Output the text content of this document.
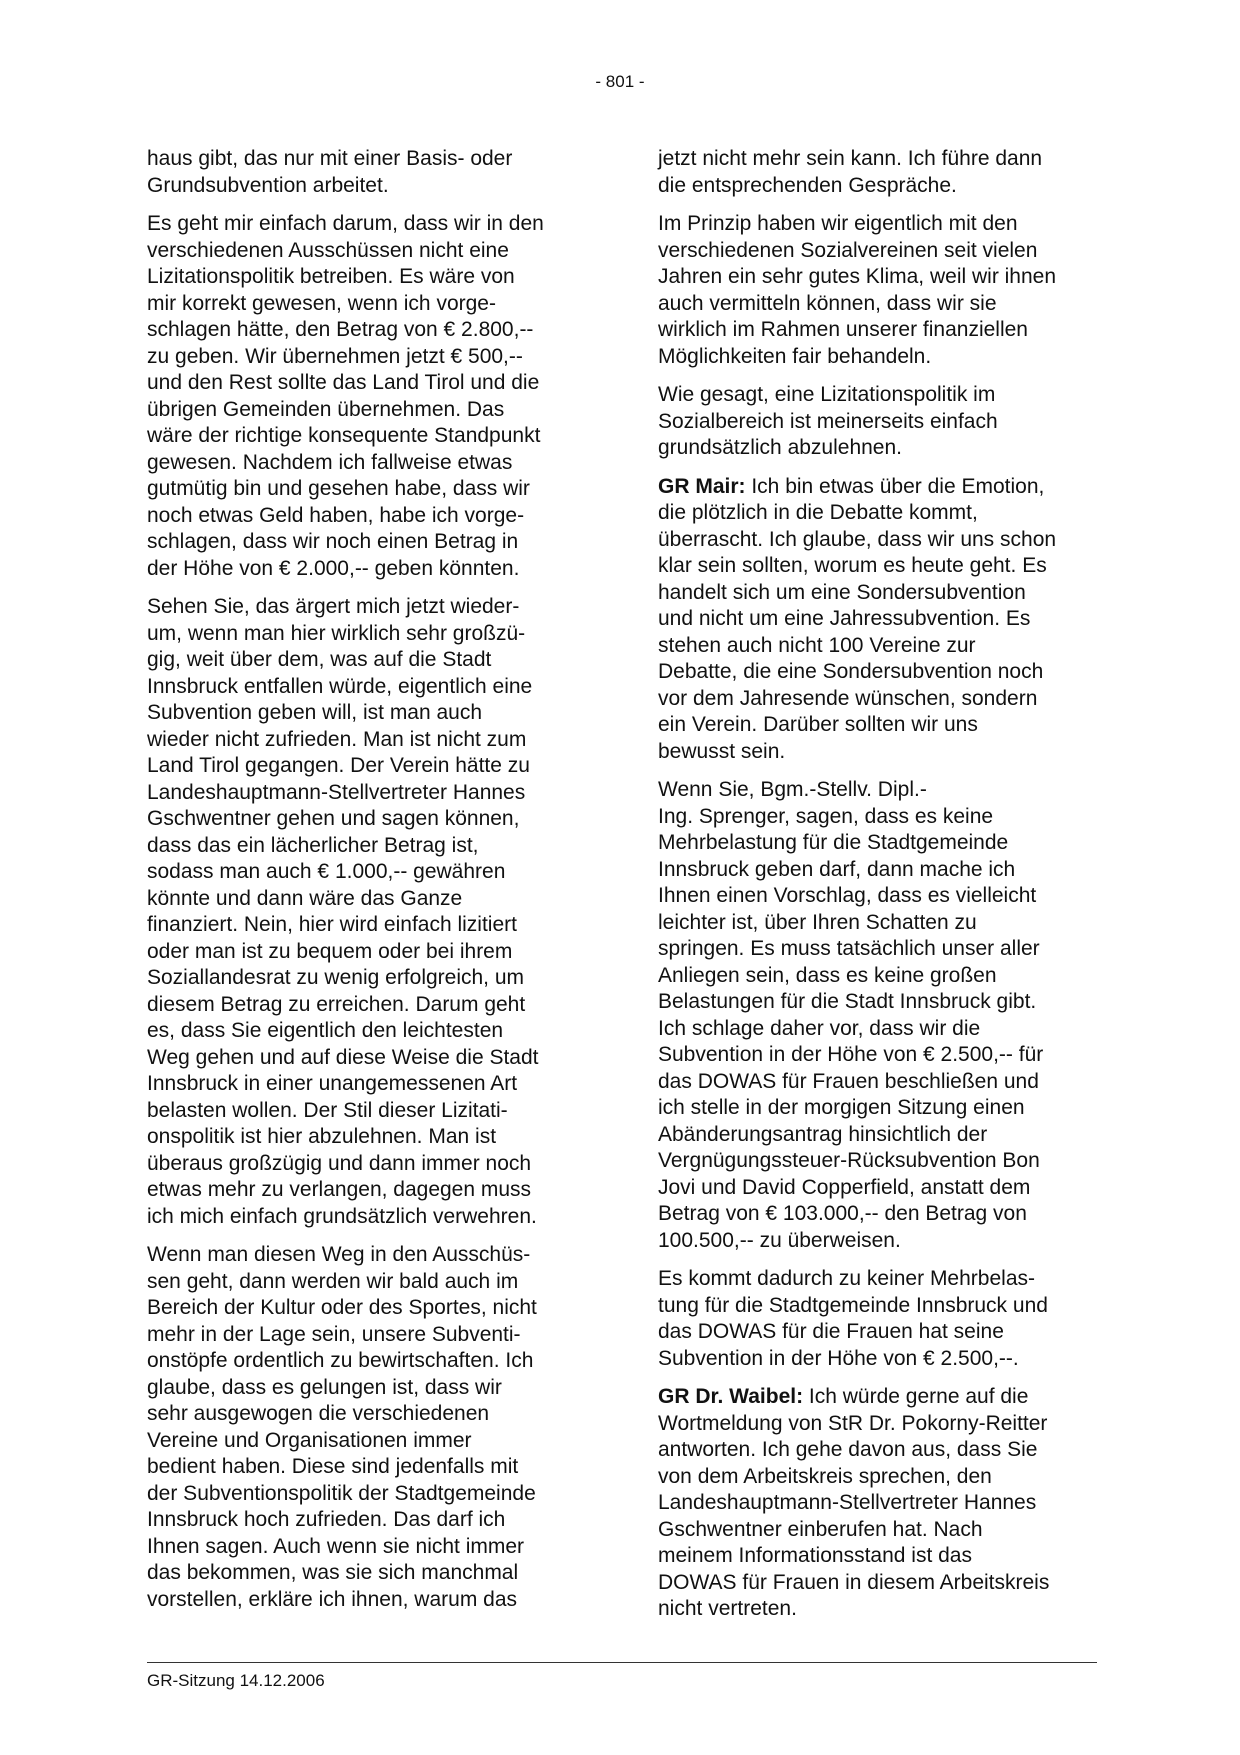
- 801 -

haus gibt, das nur mit einer Basis- oder
Grundsubvention arbeitet.

Es geht mir einfach darum, dass wir in den
verschiedenen Ausschüssen nicht eine
Lizitationspolitik betreiben. Es wäre von
mir korrekt gewesen, wenn ich vorge-
schlagen hätte, den Betrag von € 2.800,--
zu geben. Wir übernehmen jetzt € 500,--
und den Rest sollte das Land Tirol und die
übrigen Gemeinden übernehmen. Das
wäre der richtige konsequente Standpunkt
gewesen. Nachdem ich fallweise etwas
gutmütig bin und gesehen habe, dass wir
noch etwas Geld haben, habe ich vorge-
schlagen, dass wir noch einen Betrag in
der Höhe von € 2.000,-- geben könnten.

Sehen Sie, das ärgert mich jetzt wieder-
um, wenn man hier wirklich sehr großzü-
gig, weit über dem, was auf die Stadt
Innsbruck entfallen würde, eigentlich eine
Subvention geben will, ist man auch
wieder nicht zufrieden. Man ist nicht zum
Land Tirol gegangen. Der Verein hätte zu
Landeshauptmann-Stellvertreter Hannes
Gschwentner gehen und sagen können,
dass das ein lächerlicher Betrag ist,
sodass man auch € 1.000,-- gewähren
könnte und dann wäre das Ganze
finanziert. Nein, hier wird einfach lizitiert
oder man ist zu bequem oder bei ihrem
Soziallandesrat zu wenig erfolgreich, um
diesem Betrag zu erreichen. Darum geht
es, dass Sie eigentlich den leichtesten
Weg gehen und auf diese Weise die Stadt
Innsbruck in einer unangemessenen Art
belasten wollen. Der Stil dieser Lizitati-
onspolitik ist hier abzulehnen. Man ist
überaus großzügig und dann immer noch
etwas mehr zu verlangen, dagegen muss
ich mich einfach grundsätzlich verwehren.

Wenn man diesen Weg in den Ausschüs-
sen geht, dann werden wir bald auch im
Bereich der Kultur oder des Sportes, nicht
mehr in der Lage sein, unsere Subventi-
onstöpfe ordentlich zu bewirtschaften. Ich
glaube, dass es gelungen ist, dass wir
sehr ausgewogen die verschiedenen
Vereine und Organisationen immer
bedient haben. Diese sind jedenfalls mit
der Subventionspolitik der Stadtgemeinde
Innsbruck hoch zufrieden. Das darf ich
Ihnen sagen. Auch wenn sie nicht immer
das bekommen, was sie sich manchmal
vorstellen, erkläre ich ihnen, warum das

jetzt nicht mehr sein kann. Ich führe dann
die entsprechenden Gespräche.

Im Prinzip haben wir eigentlich mit den
verschiedenen Sozialvereinen seit vielen
Jahren ein sehr gutes Klima, weil wir ihnen
auch vermitteln können, dass wir sie
wirklich im Rahmen unserer finanziellen
Möglichkeiten fair behandeln.

Wie gesagt, eine Lizitationspolitik im
Sozialbereich ist meinerseits einfach
grundsätzlich abzulehnen.

GR Mair: Ich bin etwas über die Emotion,
die plötzlich in die Debatte kommt,
überrascht. Ich glaube, dass wir uns schon
klar sein sollten, worum es heute geht. Es
handelt sich um eine Sondersubvention
und nicht um eine Jahressubvention. Es
stehen auch nicht 100 Vereine zur
Debatte, die eine Sondersubvention noch
vor dem Jahresende wünschen, sondern
ein Verein. Darüber sollten wir uns
bewusst sein.

Wenn Sie, Bgm.-Stellv. Dipl.-
Ing. Sprenger, sagen, dass es keine
Mehrbelastung für die Stadtgemeinde
Innsbruck geben darf, dann mache ich
Ihnen einen Vorschlag, dass es vielleicht
leichter ist, über Ihren Schatten zu
springen. Es muss tatsächlich unser aller
Anliegen sein, dass es keine großen
Belastungen für die Stadt Innsbruck gibt.
Ich schlage daher vor, dass wir die
Subvention in der Höhe von € 2.500,-- für
das DOWAS für Frauen beschließen und
ich stelle in der morgigen Sitzung einen
Abänderungsantrag hinsichtlich der
Vergnügungssteuer-Rücksubvention Bon
Jovi und David Copperfield, anstatt dem
Betrag von € 103.000,-- den Betrag von
100.500,-- zu überweisen.

Es kommt dadurch zu keiner Mehrbelas-
tung für die Stadtgemeinde Innsbruck und
das DOWAS für die Frauen hat seine
Subvention in der Höhe von € 2.500,--.

GR Dr. Waibel: Ich würde gerne auf die
Wortmeldung von StR Dr. Pokorny-Reitter
antworten. Ich gehe davon aus, dass Sie
von dem Arbeitskreis sprechen, den
Landeshauptmann-Stellvertreter Hannes
Gschwentner einberufen hat. Nach
meinem Informationsstand ist das
DOWAS für Frauen in diesem Arbeitskreis
nicht vertreten.

GR-Sitzung 14.12.2006
